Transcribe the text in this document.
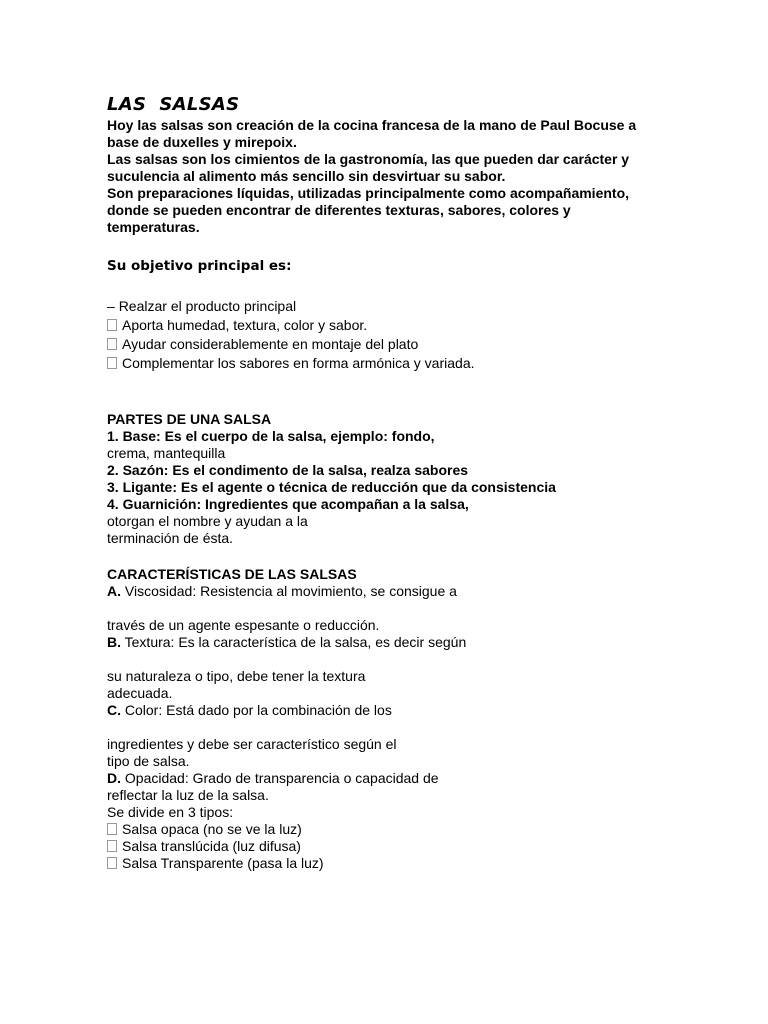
LAS  SALSAS

Hoy las salsas son creación de la cocina francesa de la mano de Paul Bocuse a base de duxelles y mirepoix.

Las salsas son los cimientos de la gastronomía, las que pueden dar carácter y suculencia al alimento más sencillo sin desvirtuar su sabor.

Son preparaciones líquidas, utilizadas principalmente como acompañamiento, donde se pueden encontrar de diferentes texturas, sabores, colores y temperaturas.

Su objetivo principal es:
– Realzar el producto principal
Aporta humedad, textura, color y sabor.
Ayudar considerablemente en montaje del plato
Complementar los sabores en forma armónica y variada.
PARTES DE UNA SALSA
1. Base: Es el cuerpo de la salsa, ejemplo: fondo,
crema, mantequilla
2. Sazón: Es el condimento de la salsa, realza sabores
3. Ligante: Es el agente o técnica de reducción que da consistencia
4. Guarnición: Ingredientes que acompañan a la salsa,
otorgan el nombre y ayudan a la
terminación de ésta.
CARACTERÍSTICAS DE LAS SALSAS
A. Viscosidad: Resistencia al movimiento, se consigue a
través de un agente espesante o reducción.
B. Textura: Es la característica de la salsa, es decir según
su naturaleza o tipo, debe tener la textura
adecuada.
C. Color: Está dado por la combinación de los
ingredientes y debe ser característico según el
tipo de salsa.
D. Opacidad: Grado de transparencia o capacidad de
reflectar la luz de la salsa.
Se divide en 3 tipos:
Salsa opaca (no se ve la luz)
Salsa translúcida (luz difusa)
Salsa Transparente (pasa la luz)
